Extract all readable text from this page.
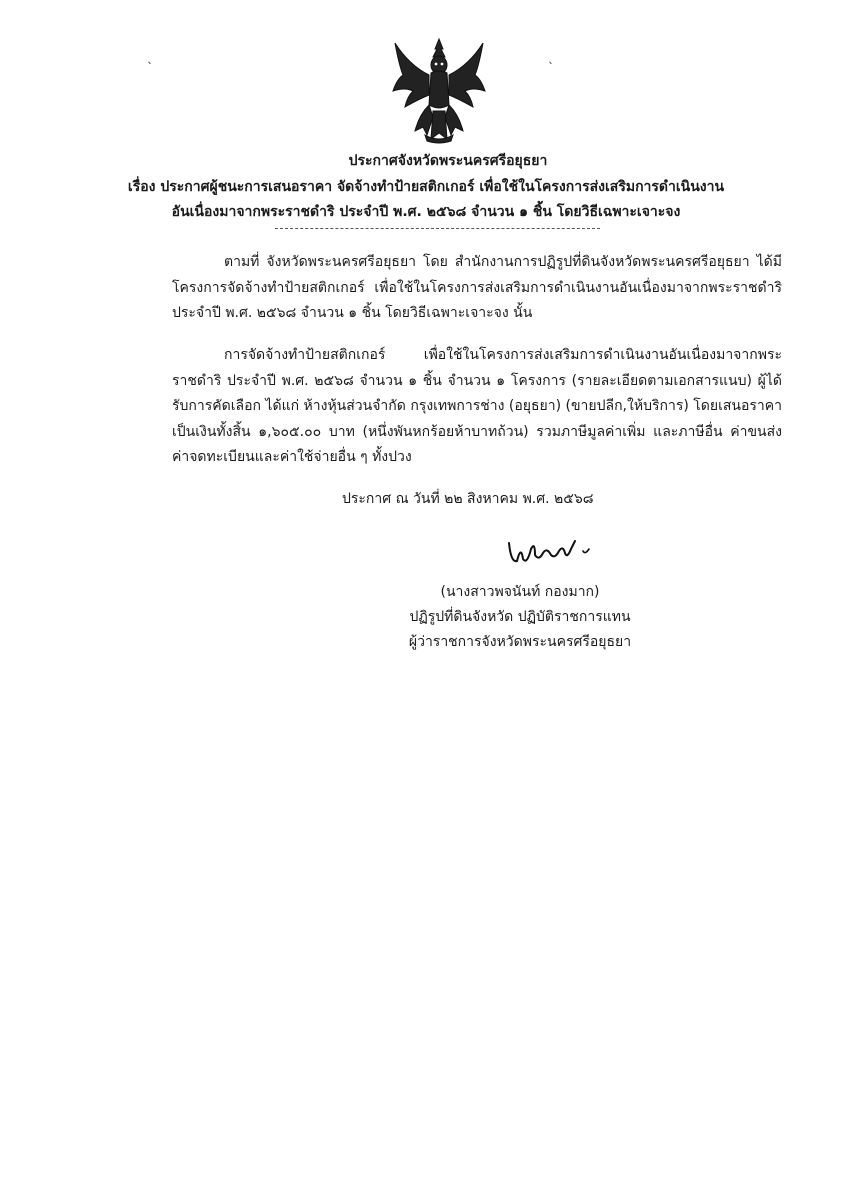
ˎ	ˎ
ประกาศจังหวัดพระนครศรีอยุธยา
เรื่อง ประกาศผู้ชนะการเสนอราคา จัดจ้างทำป้ายสติกเกอร์ เพื่อใช้ในโครงการส่งเสริมการดำเนินงาน
อันเนื่องมาจากพระราชดำริ ประจำปี พ.ศ. ๒๕๖๘ จำนวน ๑ ชิ้น โดยวิธีเฉพาะเจาะจง
ตามที่ จังหวัดพระนครศรีอยุธยา โดย สำนักงานการปฏิรูปที่ดินจังหวัดพระนครศรีอยุธยา ได้มีโครงการจัดจ้างทำป้ายสติกเกอร์ เพื่อใช้ในโครงการส่งเสริมการดำเนินงานอันเนื่องมาจากพระราชดำริ ประจำปี พ.ศ. ๒๕๖๘ จำนวน ๑ ชิ้น โดยวิธีเฉพาะเจาะจง นั้น
การจัดจ้างทำป้ายสติกเกอร์ เพื่อใช้ในโครงการส่งเสริมการดำเนินงานอันเนื่องมาจากพระราชดำริ ประจำปี พ.ศ. ๒๕๖๘ จำนวน ๑ ชิ้น จำนวน ๑ โครงการ (รายละเอียดตามเอกสารแนบ) ผู้ได้รับการคัดเลือก ได้แก่ ห้างหุ้นส่วนจำกัด กรุงเทพการช่าง (อยุธยา) (ขายปลีก,ให้บริการ) โดยเสนอราคาเป็นเงินทั้งสิ้น ๑,๖๐๕.๐๐ บาท (หนึ่งพันหกร้อยห้าบาทถ้วน) รวมภาษีมูลค่าเพิ่ม และภาษีอื่น ค่าขนส่ง ค่าจดทะเบียนและค่าใช้จ่ายอื่น ๆ ทั้งปวง
ประกาศ ณ วันที่ ๒๒ สิงหาคม พ.ศ. ๒๕๖๘
(นางสาวพจนันท์ กองมาก)
ปฏิรูปที่ดินจังหวัด ปฏิบัติราชการแทน
ผู้ว่าราชการจังหวัดพระนครศรีอยุธยา
